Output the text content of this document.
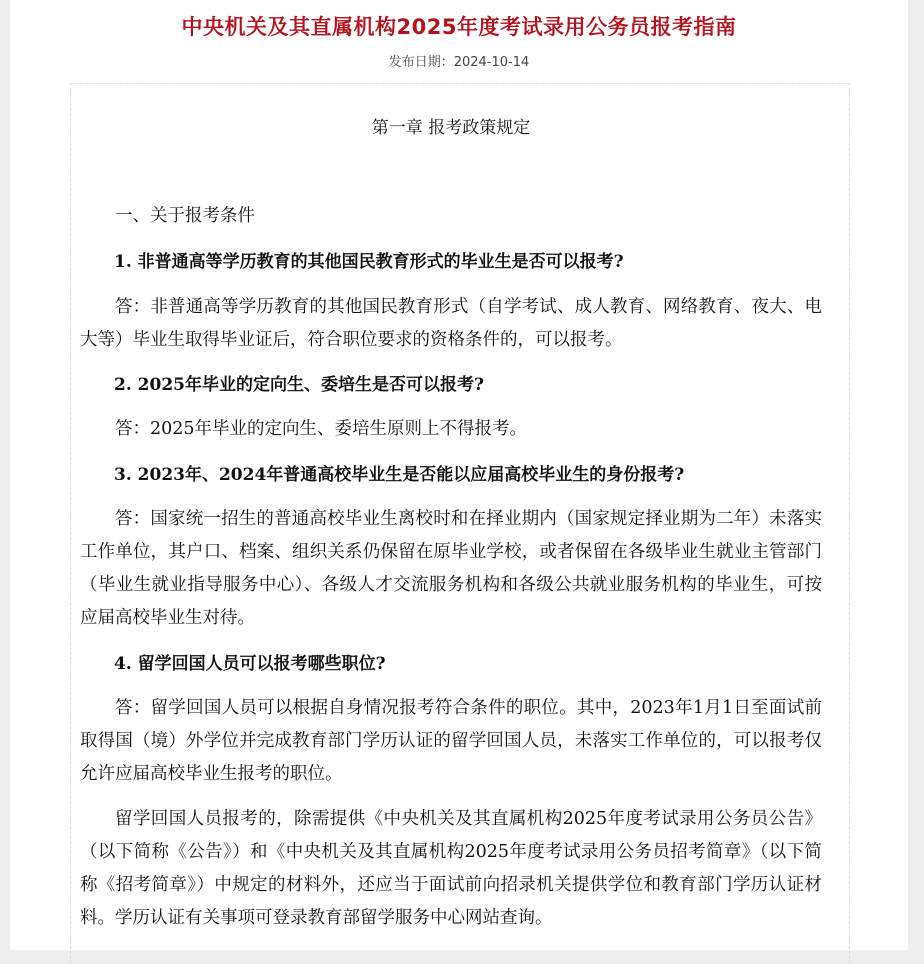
中央机关及其直属机构2025年度考试录用公务员报考指南
发布日期：2024-10-14
第一章 报考政策规定
一、关于报考条件
1. 非普通高等学历教育的其他国民教育形式的毕业生是否可以报考?
答：非普通高等学历教育的其他国民教育形式（自学考试、成人教育、网络教育、夜大、电大等）毕业生取得毕业证后，符合职位要求的资格条件的，可以报考。
2. 2025年毕业的定向生、委培生是否可以报考?
答：2025年毕业的定向生、委培生原则上不得报考。
3. 2023年、2024年普通高校毕业生是否能以应届高校毕业生的身份报考?
答：国家统一招生的普通高校毕业生离校时和在择业期内（国家规定择业期为二年）未落实工作单位，其户口、档案、组织关系仍保留在原毕业学校，或者保留在各级毕业生就业主管部门（毕业生就业指导服务中心）、各级人才交流服务机构和各级公共就业服务机构的毕业生，可按应届高校毕业生对待。
4. 留学回国人员可以报考哪些职位?
答：留学回国人员可以根据自身情况报考符合条件的职位。其中，2023年1月1日至面试前取得国（境）外学位并完成教育部门学历认证的留学回国人员，未落实工作单位的，可以报考仅允许应届高校毕业生报考的职位。
留学回国人员报考的，除需提供《中央机关及其直属机构2025年度考试录用公务员公告》（以下简称《公告》）和《中央机关及其直属机构2025年度考试录用公务员招考简章》（以下简称《招考简章》）中规定的材料外，还应当于面试前向招录机关提供学位和教育部门学历认证材料。学历认证有关事项可登录教育部留学服务中心网站查询。
